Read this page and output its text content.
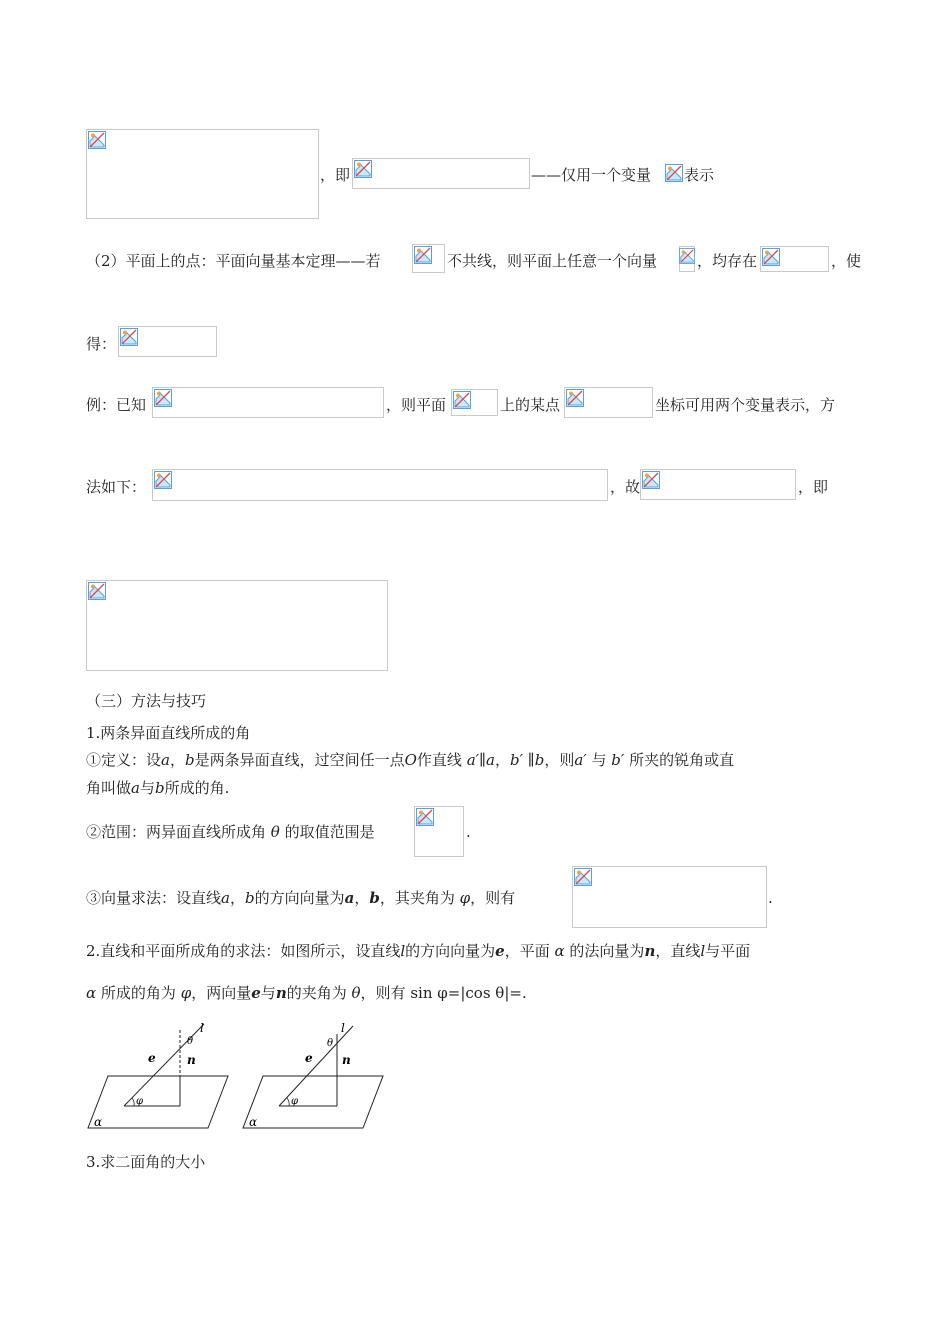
，即	——仅用一个变量 表示
（2）平面上的点：平面向量基本定理——若	不共线，则平面上任意一个向量	，均存在	，使
得：
例：已知	，则平面	上的某点	坐标可用两个变量表示，方
法如下：	，故	，即
（三）方法与技巧
1.两条异面直线所成的角
①定义：设a，b是两条异面直线，过空间任一点O作直线 a′∥a，b′ ∥b，则a′ 与 b′ 所夹的锐角或直
角叫做a与b所成的角.
②范围：两异面直线所成角 θ 的取值范围是	.
③向量求法：设直线a，b的方向向量为a，b，其夹角为 φ，则有	.
2.直线和平面所成角的求法：如图所示，设直线l的方向向量为e，平面 α 的法向量为n，直线l与平面
α 所成的角为 φ，两向量e与n的夹角为 θ，则有 sin φ=|cos θ|=.
l
θ
e	n
φ
α
l
θ
e n
φ
α
3.求二面角的大小
